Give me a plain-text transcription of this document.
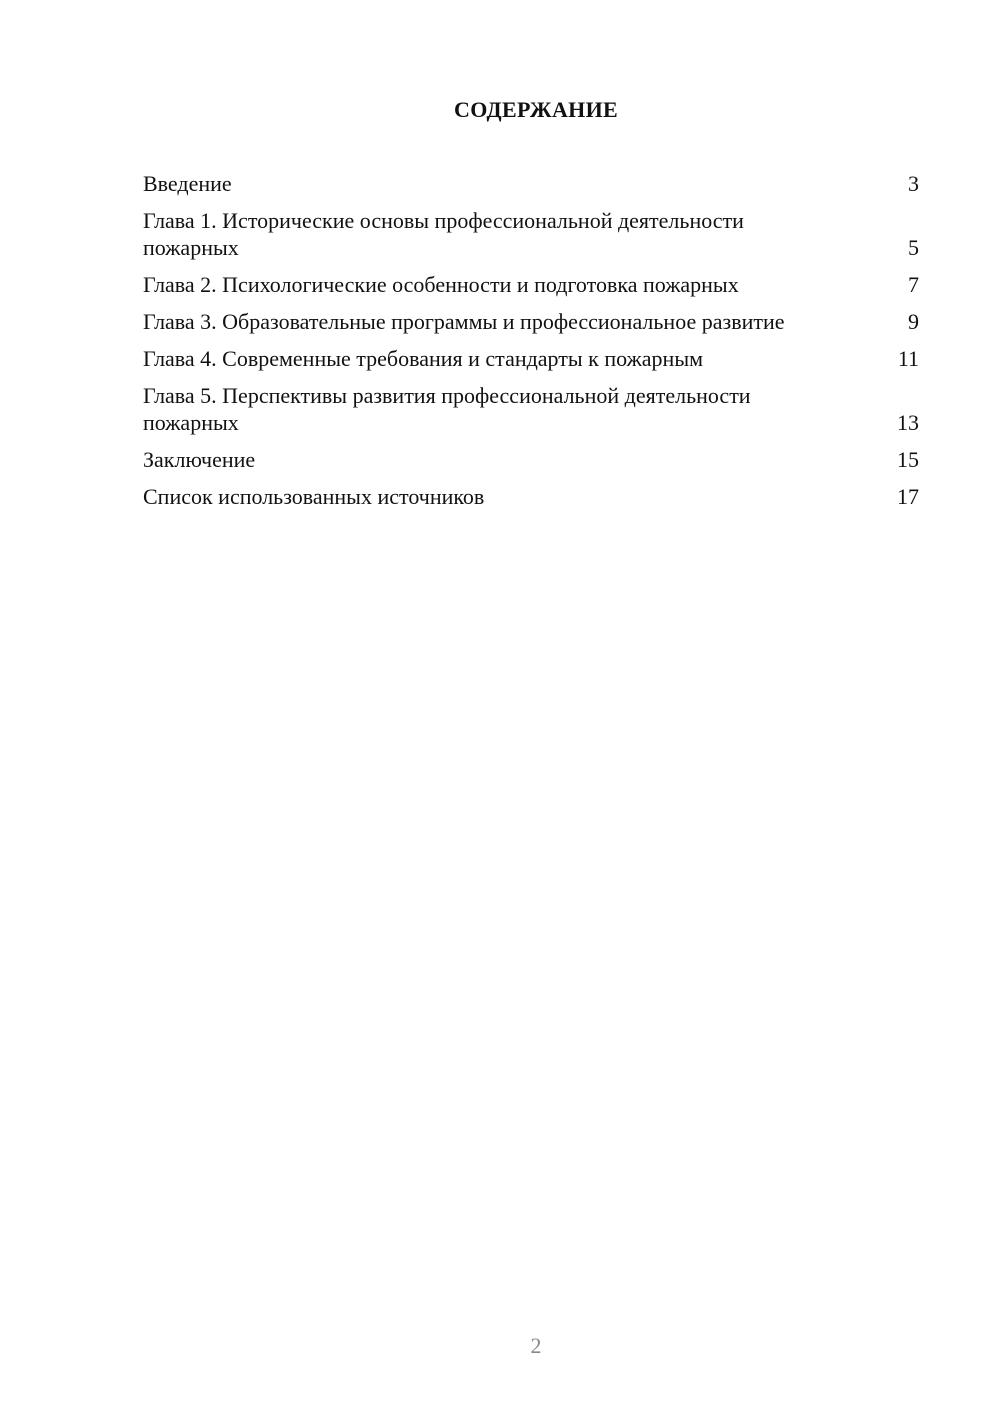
СОДЕРЖАНИЕ
Введение	3
Глава 1. Исторические основы профессиональной деятельности пожарных	5
Глава 2. Психологические особенности и подготовка пожарных	7
Глава 3. Образовательные программы и профессиональное развитие	9
Глава 4. Современные требования и стандарты к пожарным	11
Глава 5. Перспективы развития профессиональной деятельности пожарных	13
Заключение	15
Список использованных источников	17
2
